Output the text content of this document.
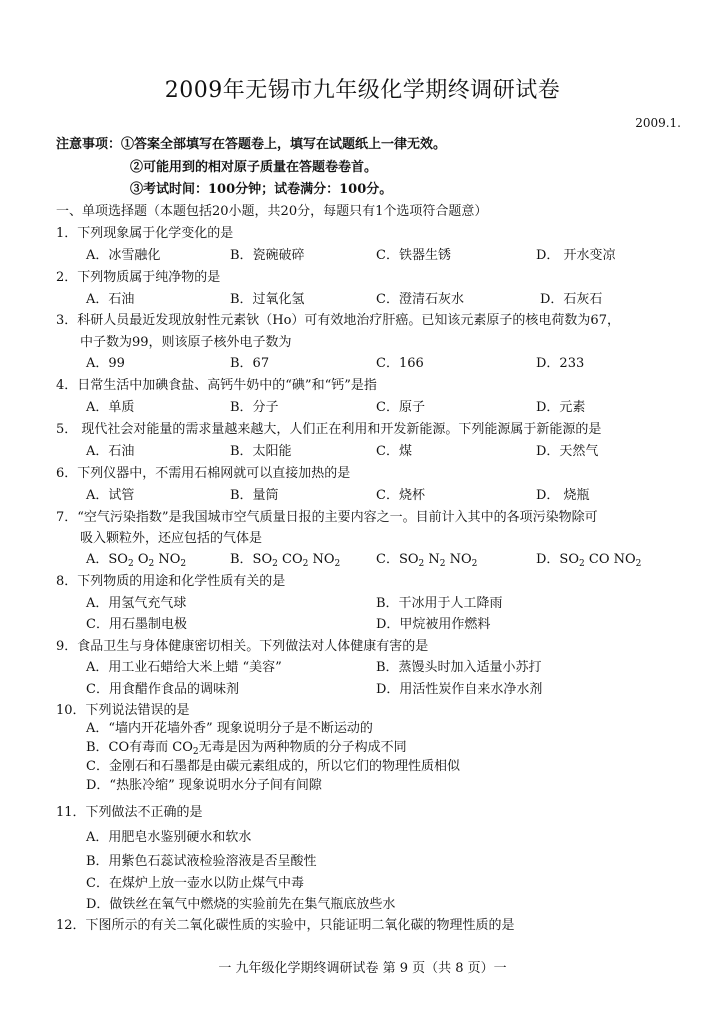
2009年无锡市九年级化学期终调研试卷
2009.1.
注意事项：①答案全部填写在答题卷上，填写在试题纸上一律无效。
②可能用到的相对原子质量在答题卷卷首。
③考试时间：100分钟；试卷满分：100分。
一、单项选择题（本题包括20小题，共20分，每题只有1个选项符合题意）
1．下列现象属于化学变化的是
A．冰雪融化	B．瓷碗破碎	C．铁器生锈	D． 开水变凉
2．下列物质属于纯净物的是
A．石油	B．过氧化氢	C．澄清石灰水	D．石灰石
3．科研人员最近发现放射性元素钬（Ho）可有效地治疗肝癌。已知该元素原子的核电荷数为67，
中子数为99，则该原子核外电子数为
A．99	B．67	C．166	D．233
4．日常生活中加碘食盐、高钙牛奶中的“碘”和“钙”是指
A．单质	B．分子	C．原子	D．元素
5． 现代社会对能量的需求量越来越大，人们正在利用和开发新能源。下列能源属于新能源的是
A．石油	B．太阳能	C．煤	D．天然气
6．下列仪器中，不需用石棉网就可以直接加热的是
A．试管	B．量筒	C．烧杯	D． 烧瓶
7．“空气污染指数”是我国城市空气质量日报的主要内容之一。目前计入其中的各项污染物除可
吸入颗粒外，还应包括的气体是
A．$SO_2$ $O_2$ $NO_2$	B．$SO_2$ $CO_2$ $NO_2$	C．$SO_2$ $N_2$ $NO_2$	D．$SO_2$ CO $NO_2$
8．下列物质的用途和化学性质有关的是
A．用氢气充气球	B．干冰用于人工降雨
C．用石墨制电极	D．甲烷被用作燃料
9．食品卫生与身体健康密切相关。下列做法对人体健康有害的是
A．用工业石蜡给大米上蜡 “美容”	B．蒸馒头时加入适量小苏打
C．用食醋作食品的调味剂	D．用活性炭作自来水净水剂
10．下列说法错误的是
A．“墙内开花墙外香” 现象说明分子是不断运动的
B．CO有毒而 $CO_2$无毒是因为两种物质的分子构成不同
C．金刚石和石墨都是由碳元素组成的，所以它们的物理性质相似
D．“热胀冷缩” 现象说明水分子间有间隙
11．下列做法不正确的是
A．用肥皂水鉴别硬水和软水
B．用紫色石蕊试液检验溶液是否呈酸性
C．在煤炉上放一壶水以防止煤气中毒
D．做铁丝在氧气中燃烧的实验前先在集气瓶底放些水
12．下图所示的有关二氧化碳性质的实验中，只能证明二氧化碳的物理性质的是
一 九年级化学期终调研试卷 第 9 页（共 8 页）一
